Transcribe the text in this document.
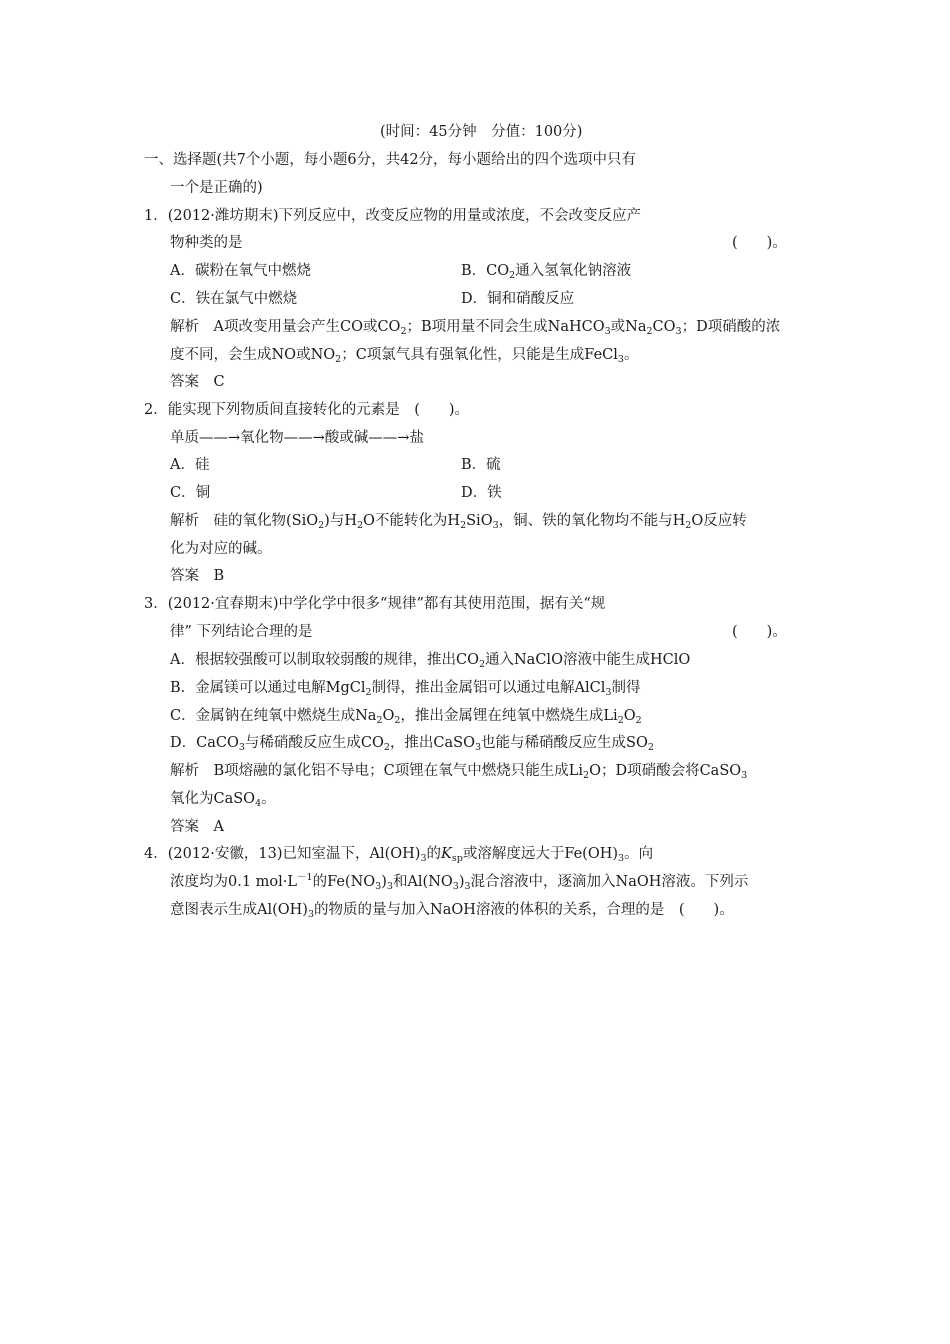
(时间：45分钟　分值：100分)
一、选择题(共7个小题，每小题6分，共42分，每小题给出的四个选项中只有
一个是正确的)
1．(2012·潍坊期末)下列反应中，改变反应物的用量或浓度，不会改变反应产
物种类的是	(　　)。
A．碳粉在氧气中燃烧	B．$CO_2$通入氢氧化钠溶液
C．铁在氯气中燃烧	D．铜和硝酸反应
解析　A项改变用量会产生CO或$CO_2$；B项用量不同会生成NaHCO$_3$或$Na_2CO_3$；D项硝酸的浓
度不同，会生成NO或$NO_2$；C项氯气具有强氧化性，只能是生成FeCl$_3$。
答案　C
2．能实现下列物质间直接转化的元素是　(　　)。
单质——→氧化物——→酸或碱——→盐
A．硅	B．硫
C．铜	D．铁
解析　硅的氧化物(SiO$_2$)与$H_2O$不能转化为$H_2SiO_3$，铜、铁的氧化物均不能与$H_2O$反应转
化为对应的碱。
答案　B
3．(2012·宜春期末)中学化学中很多“规律”都有其使用范围，据有关“规
律” 下列结论合理的是	(　　)。
A．根据较强酸可以制取较弱酸的规律，推出$CO_2$通入NaClO溶液中能生成HClO
B．金属镁可以通过电解MgCl$_2$制得，推出金属铝可以通过电解AlCl$_3$制得
C．金属钠在纯氧中燃烧生成$Na_2O_2$，推出金属锂在纯氧中燃烧生成$Li_2O_2$
D．CaCO$_3$与稀硝酸反应生成$CO_2$，推出CaSO$_3$也能与稀硝酸反应生成$SO_2$
解析　B项熔融的氯化铝不导电；C项锂在氧气中燃烧只能生成$Li_2O$；D项硝酸会将CaSO$_3$
氧化为CaSO$_4$。
答案　A
4．(2012·安徽，13)已知室温下，$Al(OH)_3$的$K_{sp}$或溶解度远大于$Fe(OH)_3$。向
浓度均为0.1 $mol\cdot L^{-1}$的$Fe(NO_3)_3$和$Al(NO_3)_3$混合溶液中，逐滴加入NaOH溶液。下列示
意图表示生成$Al(OH)_3$的物质的量与加入NaOH溶液的体积的关系，合理的是　(　　)。
